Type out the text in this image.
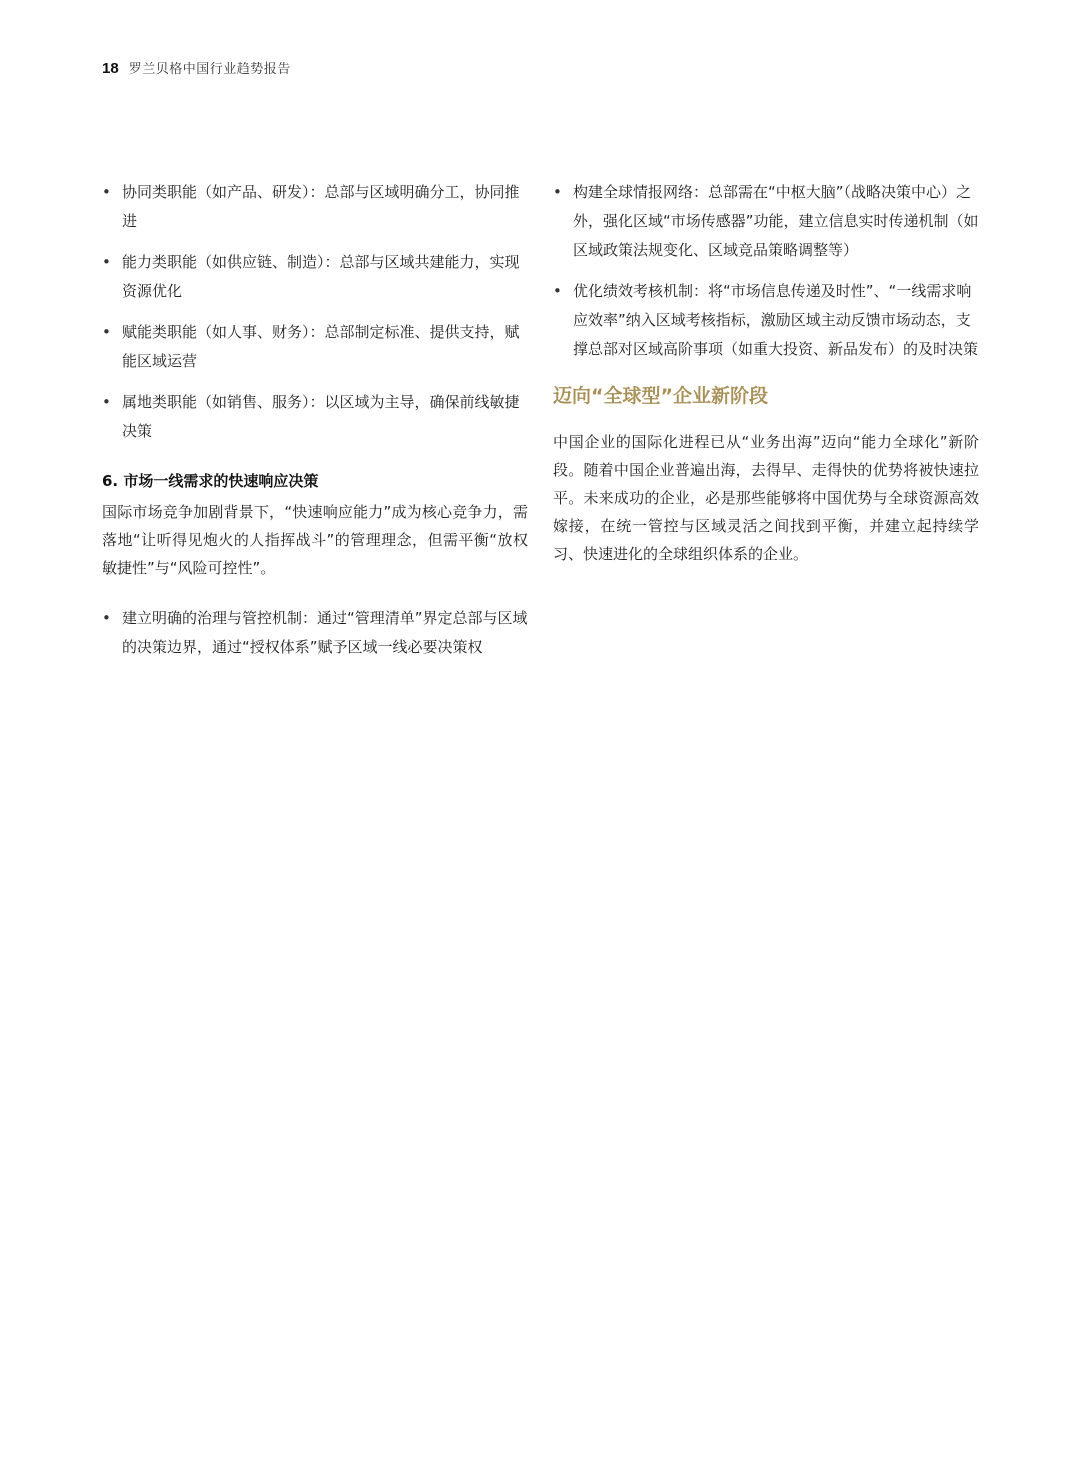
18 罗兰贝格中国行业趋势报告
• 协同类职能（如产品、研发）：总部与区域明确分工，协同推进
• 能力类职能（如供应链、制造）：总部与区域共建能力，实现资源优化
• 赋能类职能（如人事、财务）：总部制定标准、提供支持，赋能区域运营
• 属地类职能（如销售、服务）：以区域为主导，确保前线敏捷决策
6. 市场一线需求的快速响应决策

国际市场竞争加剧背景下，“快速响应能力”成为核心竞争力，需落地“让听得见炮火的人指挥战斗”的管理理念，但需平衡“放权敏捷性”与“风险可控性”。

• 建立明确的治理与管控机制：通过“管理清单”界定总部与区域的决策边界，通过“授权体系”赋予区域一线必要决策权
• 构建全球情报网络：总部需在“中枢大脑”（战略决策中心）之外，强化区域“市场传感器”功能，建立信息实时传递机制（如区域政策法规变化、区域竞品策略调整等）
• 优化绩效考核机制：将“市场信息传递及时性”、“一线需求响应效率”纳入区域考核指标，激励区域主动反馈市场动态，支撑总部对区域高阶事项（如重大投资、新品发布）的及时决策
迈向“全球型”企业新阶段

中国企业的国际化进程已从“业务出海”迈向“能力全球化”新阶段。随着中国企业普遍出海，去得早、走得快的优势将被快速拉平。未来成功的企业，必是那些能够将中国优势与全球资源高效嫁接，在统一管控与区域灵活之间找到平衡，并建立起持续学习、快速进化的全球组织体系的企业。
